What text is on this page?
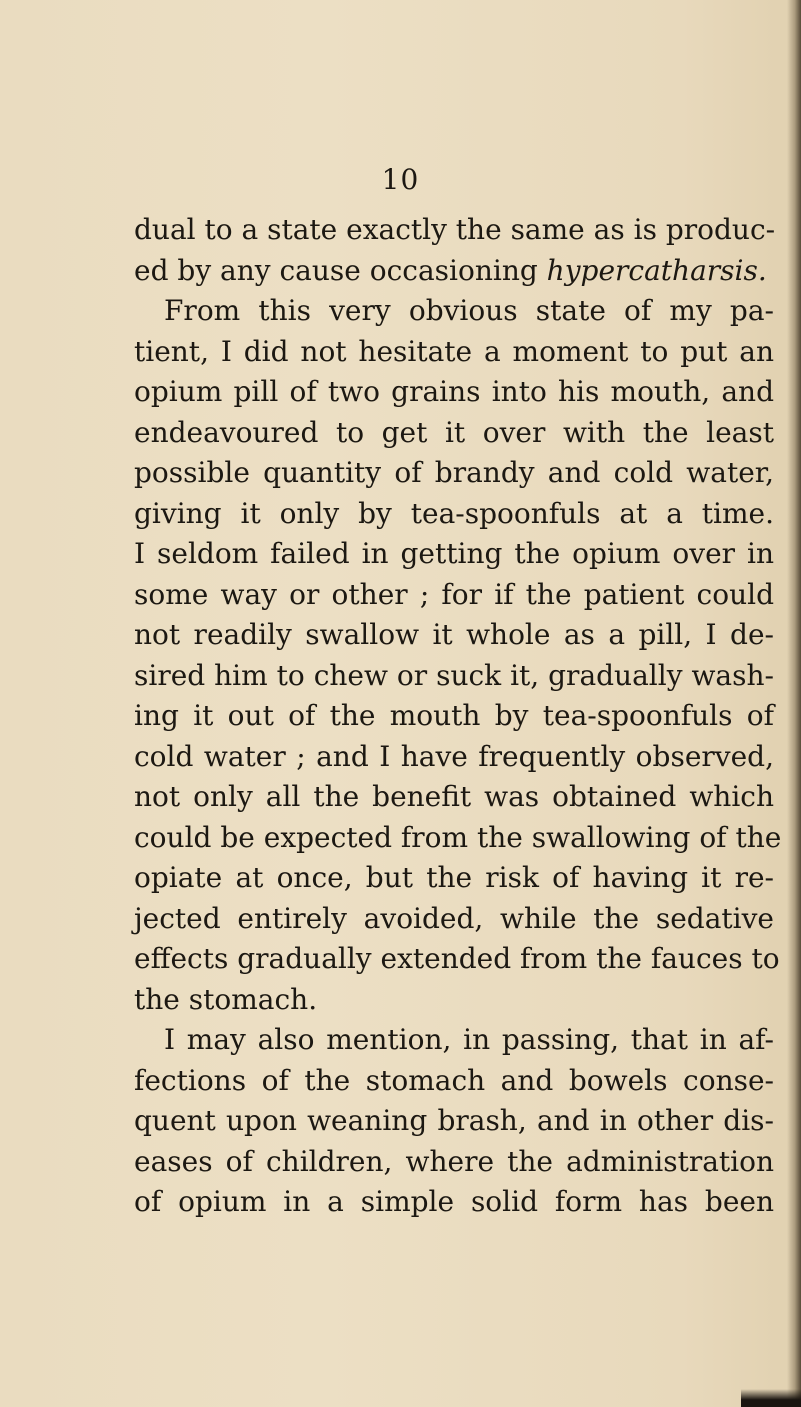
10
dual to a state exactly the same as is produc-
ed by any cause occasioning hypercatharsis.
From this very obvious state of my pa-
tient, I did not hesitate a moment to put an
opium pill of two grains into his mouth, and
endeavoured to get it over with the least
possible quantity of brandy and cold water,
giving it only by tea-spoonfuls at a time.
I seldom failed in getting the opium over in
some way or other ; for if the patient could
not readily swallow it whole as a pill, I de-
sired him to chew or suck it, gradually wash-
ing it out of the mouth by tea-spoonfuls of
cold water ; and I have frequently observed,
not only all the benefit was obtained which
could be expected from the swallowing of the
opiate at once, but the risk of having it re-
jected entirely avoided, while the sedative
effects gradually extended from the fauces to
the stomach.
I may also mention, in passing, that in af-
fections of the stomach and bowels conse-
quent upon weaning brash, and in other dis-
eases of children, where the administration
of opium in a simple solid form has been
